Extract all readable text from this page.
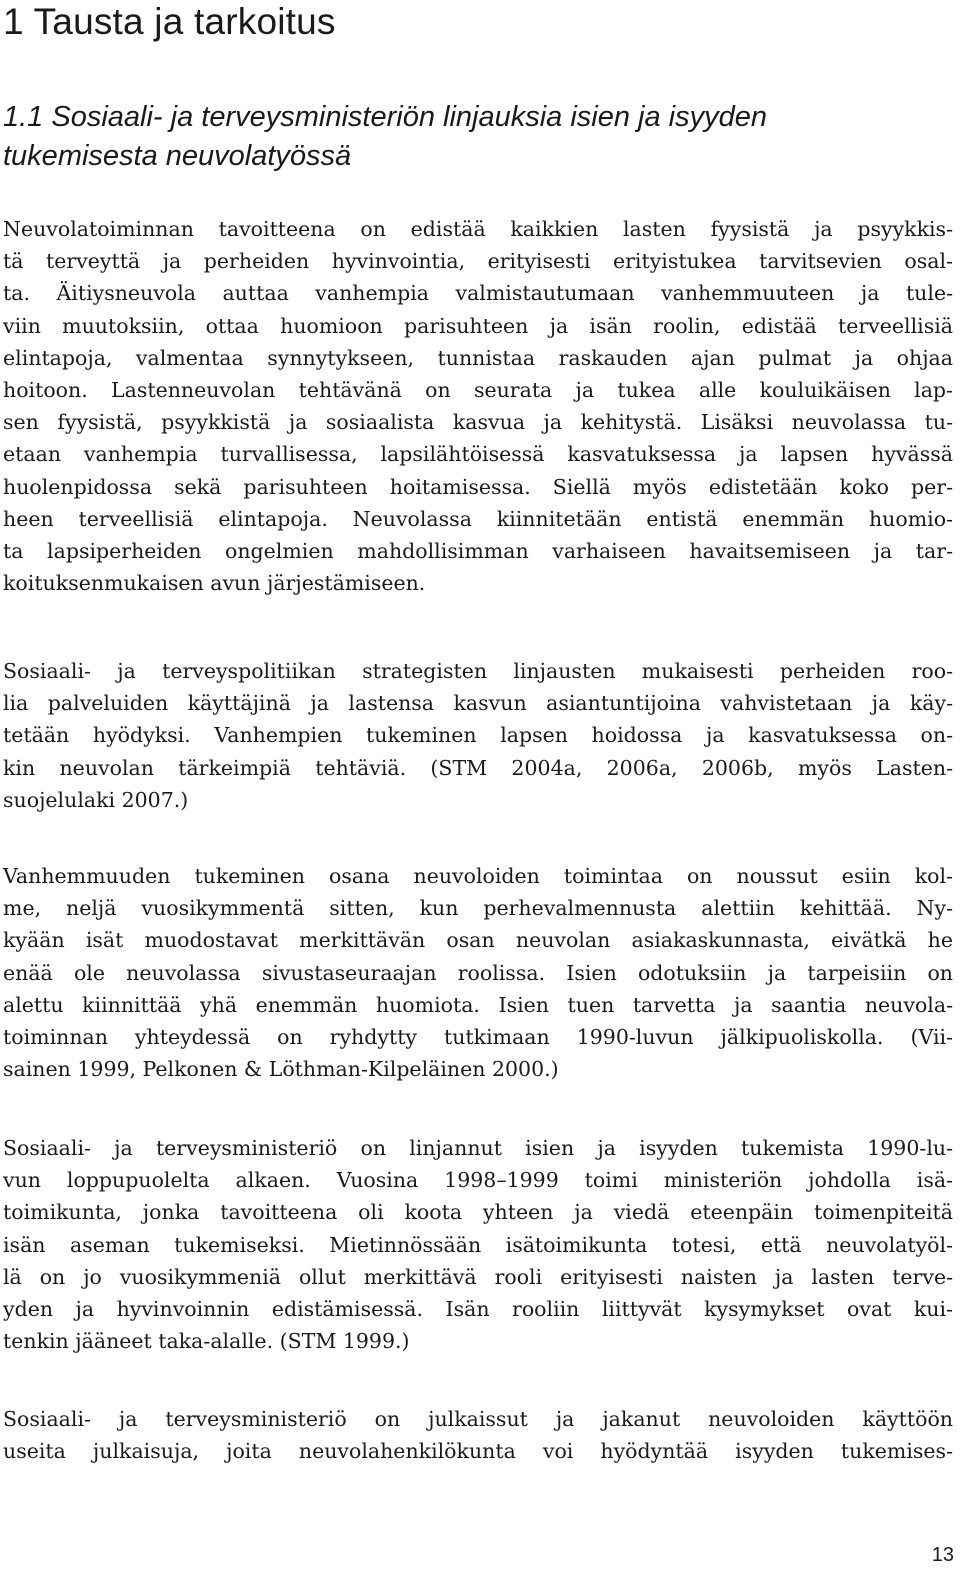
1 Tausta ja tarkoitus
1.1 Sosiaali- ja terveysministeriön linjauksia isien ja isyyden
tukemisesta neuvolatyössä
Neuvolatoiminnan tavoitteena on edistää kaikkien lasten fyysistä ja psyykkis-
tä terveyttä ja perheiden hyvinvointia, erityisesti erityistukea tarvitsevien osal-
ta. Äitiysneuvola auttaa vanhempia valmistautumaan vanhemmuuteen ja tule-
viin muutoksiin, ottaa huomioon parisuhteen ja isän roolin, edistää terveellisiä
elintapoja, valmentaa synnytykseen, tunnistaa raskauden ajan pulmat ja ohjaa
hoitoon. Lastenneuvolan tehtävänä on seurata ja tukea alle kouluikäisen lap-
sen fyysistä, psyykkistä ja sosiaalista kasvua ja kehitystä. Lisäksi neuvolassa tu-
etaan vanhempia turvallisessa, lapsilähtöisessä kasvatuksessa ja lapsen hyvässä
huolenpidossa sekä parisuhteen hoitamisessa. Siellä myös edistetään koko per-
heen terveellisiä elintapoja. Neuvolassa kiinnitetään entistä enemmän huomio-
ta lapsiperheiden ongelmien mahdollisimman varhaiseen havaitsemiseen ja tar-
koituksenmukaisen avun järjestämiseen.
Sosiaali- ja terveyspolitiikan strategisten linjausten mukaisesti perheiden roo-
lia palveluiden käyttäjinä ja lastensa kasvun asiantuntijoina vahvistetaan ja käy-
tetään hyödyksi. Vanhempien tukeminen lapsen hoidossa ja kasvatuksessa on-
kin neuvolan tärkeimpiä tehtäviä. (STM 2004a, 2006a, 2006b, myös Lasten-
suojelulaki 2007.)
Vanhemmuuden tukeminen osana neuvoloiden toimintaa on noussut esiin kol-
me, neljä vuosikymmentä sitten, kun perhevalmennusta alettiin kehittää. Ny-
kyään isät muodostavat merkittävän osan neuvolan asiakaskunnasta, eivätkä he
enää ole neuvolassa sivustaseuraajan roolissa. Isien odotuksiin ja tarpeisiin on
alettu kiinnittää yhä enemmän huomiota. Isien tuen tarvetta ja saantia neuvola-
toiminnan yhteydessä on ryhdytty tutkimaan 1990-luvun jälkipuoliskolla. (Vii-
sainen 1999, Pelkonen & Löthman-Kilpeläinen 2000.)
Sosiaali- ja terveysministeriö on linjannut isien ja isyyden tukemista 1990-lu-
vun loppupuolelta alkaen. Vuosina 1998–1999 toimi ministeriön johdolla isä-
toimikunta, jonka tavoitteena oli koota yhteen ja viedä eteenpäin toimenpiteitä
isän aseman tukemiseksi. Mietinnössään isätoimikunta totesi, että neuvolatyöl-
lä on jo vuosikymmeniä ollut merkittävä rooli erityisesti naisten ja lasten terve-
yden ja hyvinvoinnin edistämisessä. Isän rooliin liittyvät kysymykset ovat kui-
tenkin jääneet taka-alalle. (STM 1999.)
Sosiaali- ja terveysministeriö on julkaissut ja jakanut neuvoloiden käyttöön
useita julkaisuja, joita neuvolahenkilökunta voi hyödyntää isyyden tukemises-
13
